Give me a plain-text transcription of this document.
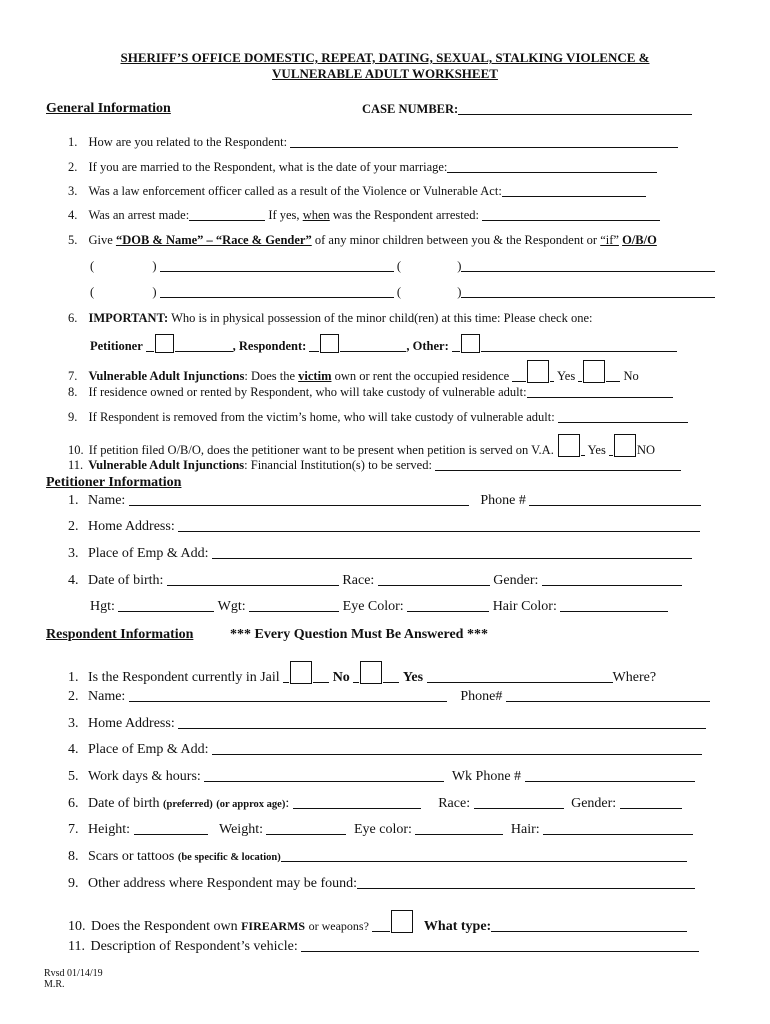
SHERIFF’S OFFICE DOMESTIC, REPEAT, DATING, SEXUAL, STALKING VIOLENCE &
VULNERABLE ADULT WORKSHEET
General Information	CASE NUMBER:
1. How are you related to the Respondent:
2. If you are married to the Respondent, what is the date of your marriage:
3. Was a law enforcement officer called as a result of the Violence or Vulnerable Act:
4. Was an arrest made:	If yes, when was the Respondent arrested:
5. Give “DOB & Name” – “Race & Gender” of any minor children between you & the Respondent or “if” O/B/O
(	)	(	)
(	)	(	)
6. IMPORTANT: Who is in physical possession of the minor child(ren) at this time: Please check one:
Petitioner	, Respondent:	, Other:
7. Vulnerable Adult Injunctions: Does the victim own or rent the occupied residence	Yes	No
8. If residence owned or rented by Respondent, who will take custody of vulnerable adult:
9. If Respondent is removed from the victim’s home, who will take custody of vulnerable adult:
10. If petition filed O/B/O, does the petitioner want to be present when petition is served on V.A.	Yes NO
11. Vulnerable Adult Injunctions: Financial Institution(s) to be served:
Petitioner Information
1. Name:	Phone #
2. Home Address:
3. Place of Emp & Add:
4. Date of birth:	Race:	Gender:
Hgt:	Wgt:	Eye Color:	Hair Color:
Respondent Information	*** Every Question Must Be Answered ***
1. Is the Respondent currently in Jail	No	Yes	Where?
2. Name:	Phone#
3. Home Address:
4. Place of Emp & Add:
5. Work days & hours:	Wk Phone #
6. Date of birth (preferred) (or approx age):	Race:	Gender:
7. Height:	Weight:	Eye color:	Hair:
8. Scars or tattoos (be specific & location)
9. Other address where Respondent may be found:
10. Does the Respondent own FIREARMS or weapons?	What type:
11. Description of Respondent’s vehicle:
Rvsd 01/14/19
M.R.
